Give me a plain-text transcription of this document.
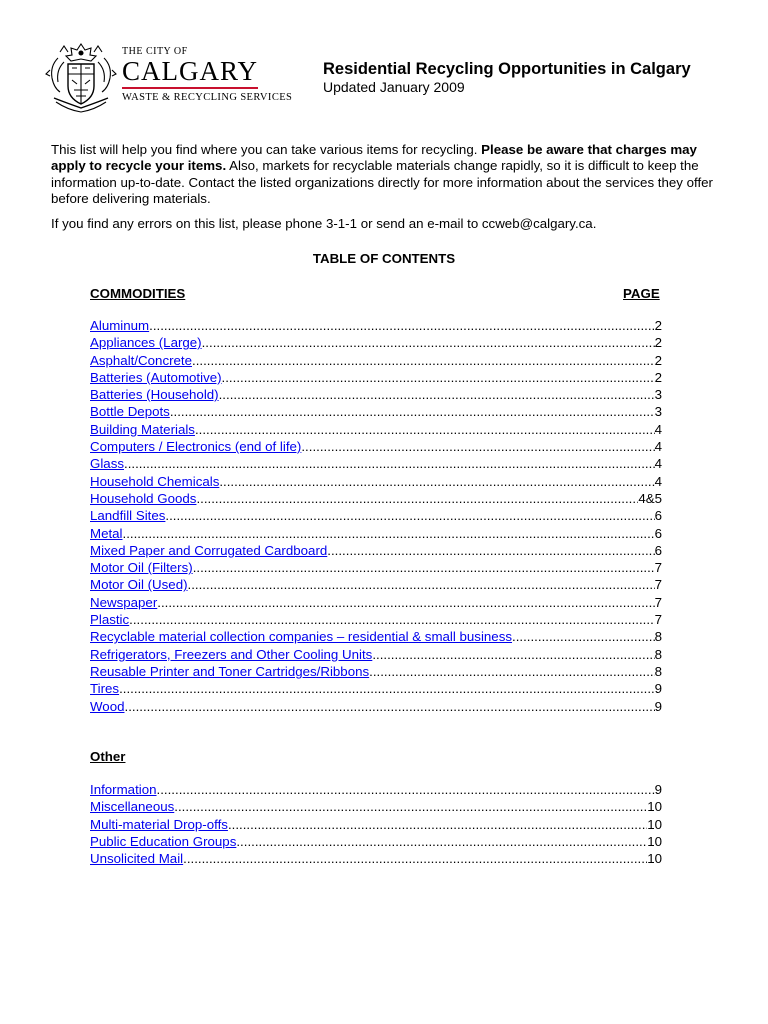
THE CITY OF
CALGARY
WASTE & RECYCLING SERVICES
Residential Recycling Opportunities in Calgary
Updated January 2009

This list will help you find where you can take various items for recycling. Please be aware that charges may apply to recycle your items. Also, markets for recyclable materials change rapidly, so it is difficult to keep the information up-to-date. Contact the listed organizations directly for more information about the services they offer before delivering materials.

If you find any errors on this list, please phone 3-1-1 or send an e-mail to ccweb@calgary.ca.

TABLE OF CONTENTS
COMMODITIES	PAGE
Aluminum .....	2
Appliances (Large) .....	2
Asphalt/Concrete .....	2
Batteries (Automotive) .....	2
Batteries (Household) .....	3
Bottle Depots .....	3
Building Materials .....	4
Computers / Electronics (end of life) .....	4
Glass .....	4
Household Chemicals .....	4
Household Goods .....	4&5
Landfill Sites .....	6
Metal .....	6
Mixed Paper and Corrugated Cardboard .....	6
Motor Oil (Filters) .....	7
Motor Oil (Used) .....	7
Newspaper .....	7
Plastic .....	7
Recyclable material collection companies – residential & small business .....	8
Refrigerators, Freezers and Other Cooling Units .....	8
Reusable Printer and Toner Cartridges/Ribbons .....	8
Tires .....	9
Wood .....	9
Other
Information .....	9
Miscellaneous .....	10
Multi-material Drop-offs .....	10
Public Education Groups .....	10
Unsolicited Mail .....	10
